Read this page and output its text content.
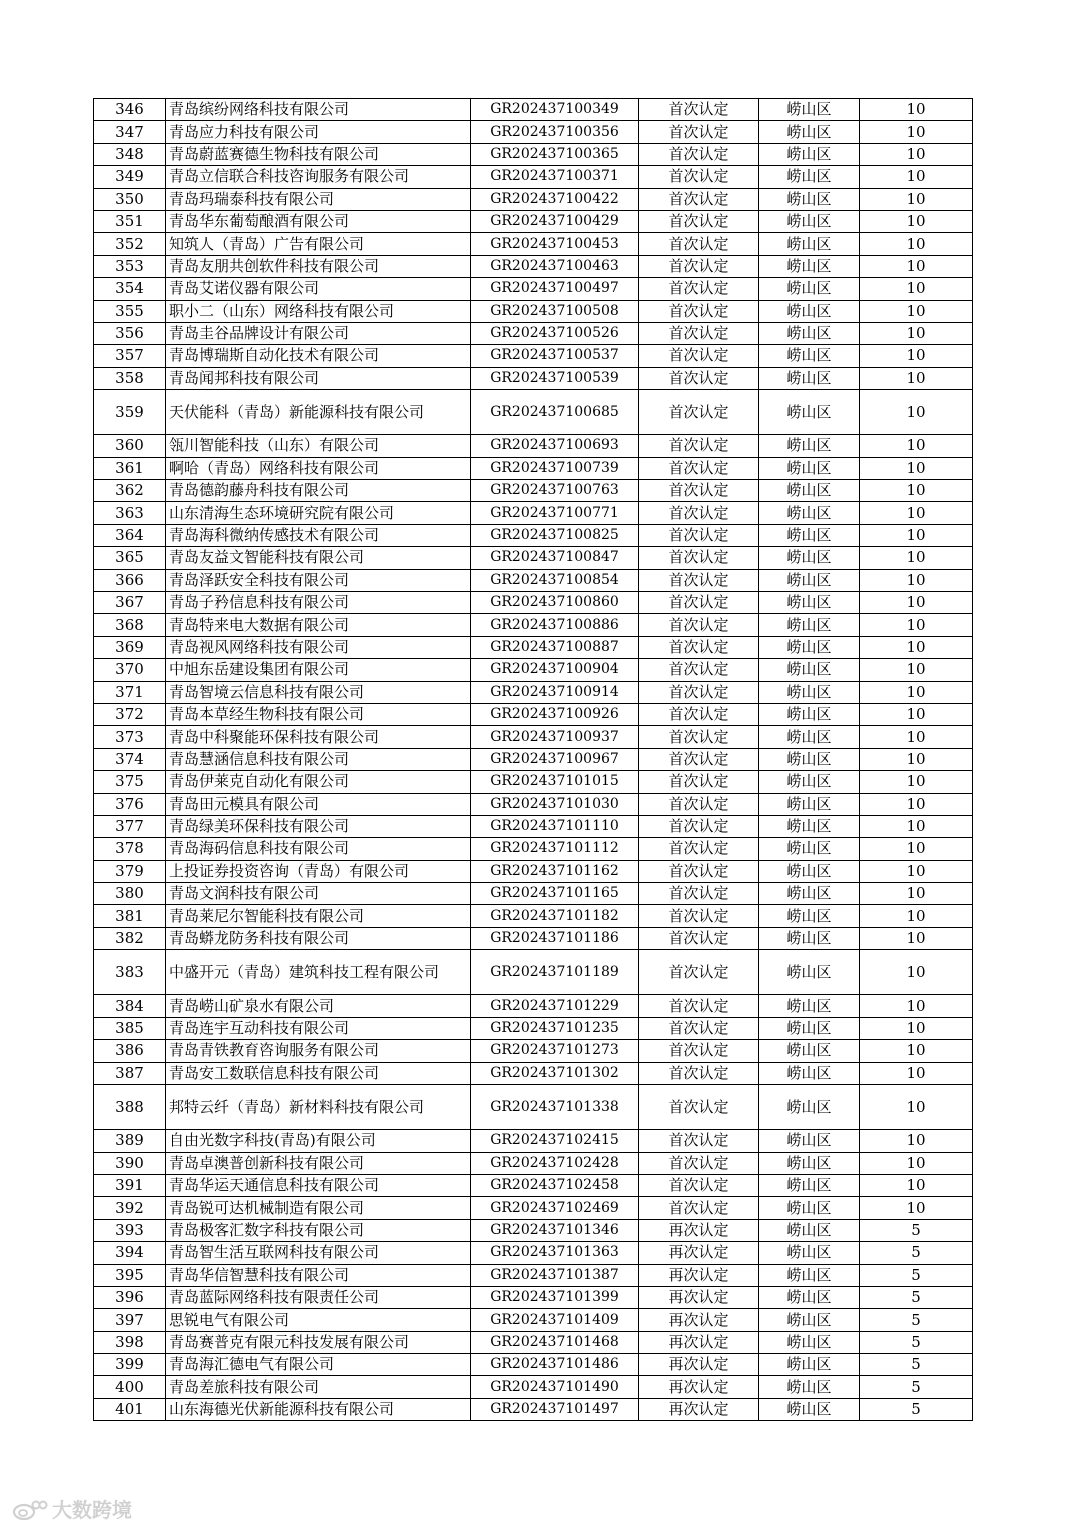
346	青岛缤纷网络科技有限公司	GR202437100349	首次认定	崂山区	10
347	青岛应力科技有限公司	GR202437100356	首次认定	崂山区	10
348	青岛蔚蓝赛德生物科技有限公司	GR202437100365	首次认定	崂山区	10
349	青岛立信联合科技咨询服务有限公司	GR202437100371	首次认定	崂山区	10
350	青岛玛瑞泰科技有限公司	GR202437100422	首次认定	崂山区	10
351	青岛华东葡萄酿酒有限公司	GR202437100429	首次认定	崂山区	10
352	知筑人（青岛）广告有限公司	GR202437100453	首次认定	崂山区	10
353	青岛友朋共创软件科技有限公司	GR202437100463	首次认定	崂山区	10
354	青岛艾诺仪器有限公司	GR202437100497	首次认定	崂山区	10
355	职小二（山东）网络科技有限公司	GR202437100508	首次认定	崂山区	10
356	青岛圭谷品牌设计有限公司	GR202437100526	首次认定	崂山区	10
357	青岛博瑞斯自动化技术有限公司	GR202437100537	首次认定	崂山区	10
358	青岛闻邦科技有限公司	GR202437100539	首次认定	崂山区	10
359	天伏能科（青岛）新能源科技有限公司	GR202437100685	首次认定	崂山区	10
360	瓴川智能科技（山东）有限公司	GR202437100693	首次认定	崂山区	10
361	啊哈（青岛）网络科技有限公司	GR202437100739	首次认定	崂山区	10
362	青岛德韵藤舟科技有限公司	GR202437100763	首次认定	崂山区	10
363	山东清海生态环境研究院有限公司	GR202437100771	首次认定	崂山区	10
364	青岛海科微纳传感技术有限公司	GR202437100825	首次认定	崂山区	10
365	青岛友益文智能科技有限公司	GR202437100847	首次认定	崂山区	10
366	青岛泽跃安全科技有限公司	GR202437100854	首次认定	崂山区	10
367	青岛子矜信息科技有限公司	GR202437100860	首次认定	崂山区	10
368	青岛特来电大数据有限公司	GR202437100886	首次认定	崂山区	10
369	青岛视风网络科技有限公司	GR202437100887	首次认定	崂山区	10
370	中旭东岳建设集团有限公司	GR202437100904	首次认定	崂山区	10
371	青岛智境云信息科技有限公司	GR202437100914	首次认定	崂山区	10
372	青岛本草经生物科技有限公司	GR202437100926	首次认定	崂山区	10
373	青岛中科聚能环保科技有限公司	GR202437100937	首次认定	崂山区	10
374	青岛慧涵信息科技有限公司	GR202437100967	首次认定	崂山区	10
375	青岛伊莱克自动化有限公司	GR202437101015	首次认定	崂山区	10
376	青岛田元模具有限公司	GR202437101030	首次认定	崂山区	10
377	青岛绿美环保科技有限公司	GR202437101110	首次认定	崂山区	10
378	青岛海码信息科技有限公司	GR202437101112	首次认定	崂山区	10
379	上投证券投资咨询（青岛）有限公司	GR202437101162	首次认定	崂山区	10
380	青岛文润科技有限公司	GR202437101165	首次认定	崂山区	10
381	青岛莱尼尔智能科技有限公司	GR202437101182	首次认定	崂山区	10
382	青岛蟒龙防务科技有限公司	GR202437101186	首次认定	崂山区	10
383	中盛开元（青岛）建筑科技工程有限公司	GR202437101189	首次认定	崂山区	10
384	青岛崂山矿泉水有限公司	GR202437101229	首次认定	崂山区	10
385	青岛连宇互动科技有限公司	GR202437101235	首次认定	崂山区	10
386	青岛青铁教育咨询服务有限公司	GR202437101273	首次认定	崂山区	10
387	青岛安工数联信息科技有限公司	GR202437101302	首次认定	崂山区	10
388	邦特云纤（青岛）新材料科技有限公司	GR202437101338	首次认定	崂山区	10
389	自由光数字科技(青岛)有限公司	GR202437102415	首次认定	崂山区	10
390	青岛卓澳普创新科技有限公司	GR202437102428	首次认定	崂山区	10
391	青岛华运天通信息科技有限公司	GR202437102458	首次认定	崂山区	10
392	青岛锐可达机械制造有限公司	GR202437102469	首次认定	崂山区	10
393	青岛极客汇数字科技有限公司	GR202437101346	再次认定	崂山区	5
394	青岛智生活互联网科技有限公司	GR202437101363	再次认定	崂山区	5
395	青岛华信智慧科技有限公司	GR202437101387	再次认定	崂山区	5
396	青岛蓝际网络科技有限责任公司	GR202437101399	再次认定	崂山区	5
397	思锐电气有限公司	GR202437101409	再次认定	崂山区	5
398	青岛赛普克有限元科技发展有限公司	GR202437101468	再次认定	崂山区	5
399	青岛海汇德电气有限公司	GR202437101486	再次认定	崂山区	5
400	青岛差旅科技有限公司	GR202437101490	再次认定	崂山区	5
401	山东海德光伏新能源科技有限公司	GR202437101497	再次认定	崂山区	5
大数跨境
